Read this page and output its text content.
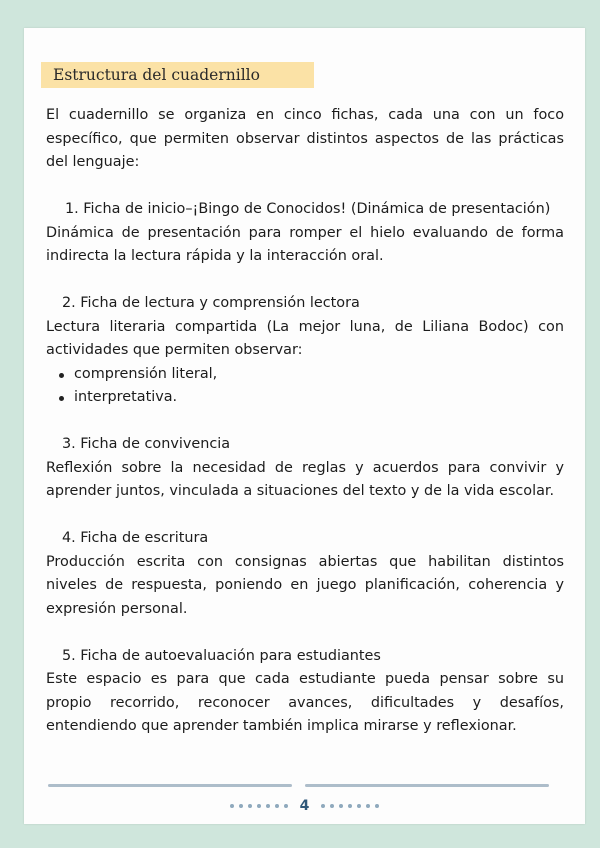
Estructura del cuadernillo

El cuadernillo se organiza en cinco fichas, cada una con un foco específico, que permiten observar distintos aspectos de las prácticas del lenguaje:

1. Ficha de inicio–¡Bingo de Conocidos! (Dinámica de presentación)

Dinámica de presentación para romper el hielo evaluando de forma indirecta la lectura rápida y la interacción oral.

2. Ficha de lectura y comprensión lectora

Lectura literaria compartida (La mejor luna, de Liliana Bodoc) con actividades que permiten observar:

comprensión literal,
interpretativa.

3. Ficha de convivencia

Reflexión sobre la necesidad de reglas y acuerdos para convivir y aprender juntos, vinculada a situaciones del texto y de la vida escolar.

4. Ficha de escritura

Producción escrita con consignas abiertas que habilitan distintos niveles de respuesta, poniendo en juego planificación, coherencia y expresión personal.

5. Ficha de autoevaluación para estudiantes

Este espacio es para que cada estudiante pueda pensar sobre su propio recorrido, reconocer avances, dificultades y desafíos, entendiendo que aprender también implica mirarse y reflexionar.

4
